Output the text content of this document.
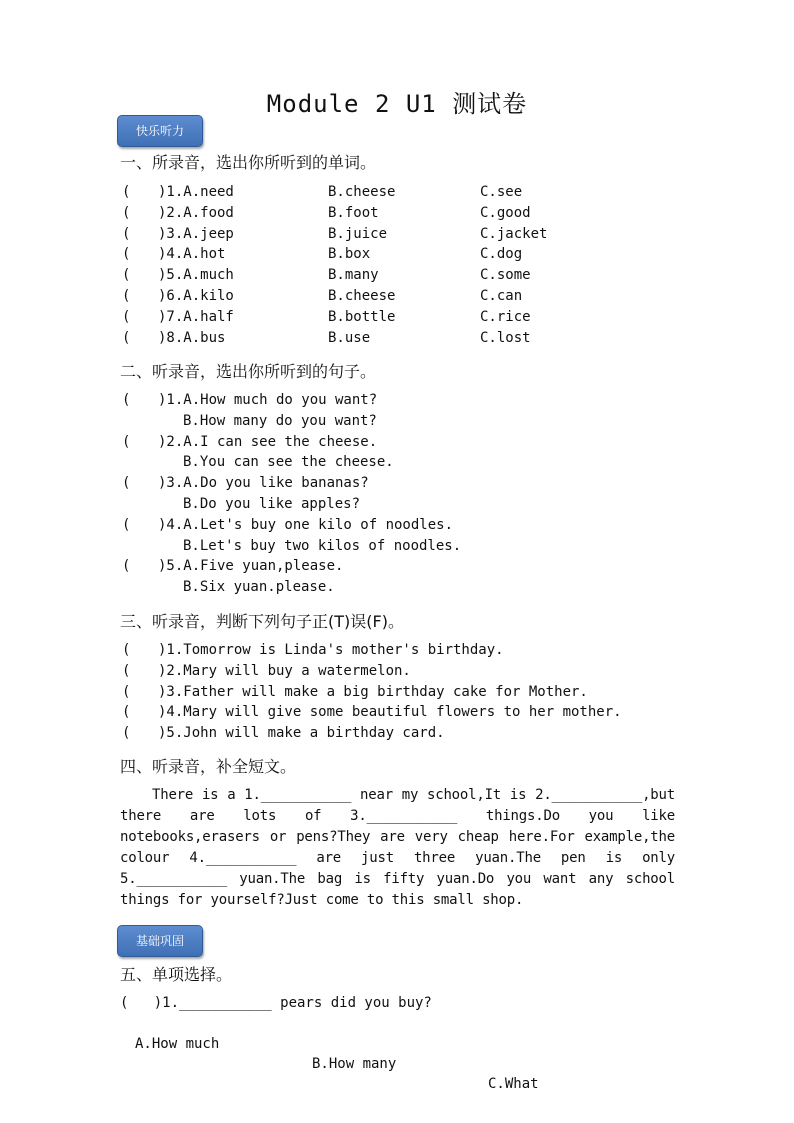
Module 2 U1 测试卷
快乐听力
一、所录音，选出你所听到的单词。
( )1.A.need	B.cheese	C.see
( )2.A.food	B.foot	C.good
( )3.A.jeep	B.juice	C.jacket
( )4.A.hot	B.box	C.dog
( )5.A.much	B.many	C.some
( )6.A.kilo	B.cheese	C.can
( )7.A.half	B.bottle	C.rice
( )8.A.bus	B.use	C.lost
二、听录音，选出你所听到的句子。
( )1.A.How much do you want?
B.How many do you want?
( )2.A.I can see the cheese.
B.You can see the cheese.
( )3.A.Do you like bananas?
B.Do you like apples?
( )4.A.Let's buy one kilo of noodles.
B.Let's buy two kilos of noodles.
( )5.A.Five yuan,please.
B.Six yuan.please.
三、听录音，判断下列句子正(T)误(F)。
( )1.Tomorrow is Linda's mother's birthday.
( )2.Mary will buy a watermelon.
( )3.Father will make a big birthday cake for Mother.
( )4.Mary will give some beautiful flowers to her mother.
( )5.John will make a birthday card.
四、听录音，补全短文。
There is a 1.___________ near my school,It is 2.___________,but there are lots of 3.___________ things.Do you like notebooks,erasers or pens?They are very cheap here.For example,the colour 4.___________ are just three yuan.The pen is only 5.___________ yuan.The bag is fifty yuan.Do you want any school things for yourself?Just come to this small shop.
基础巩固
五、单项选择。
(   )1.___________ pears did you buy?

A.How much

B.How many

C.What
